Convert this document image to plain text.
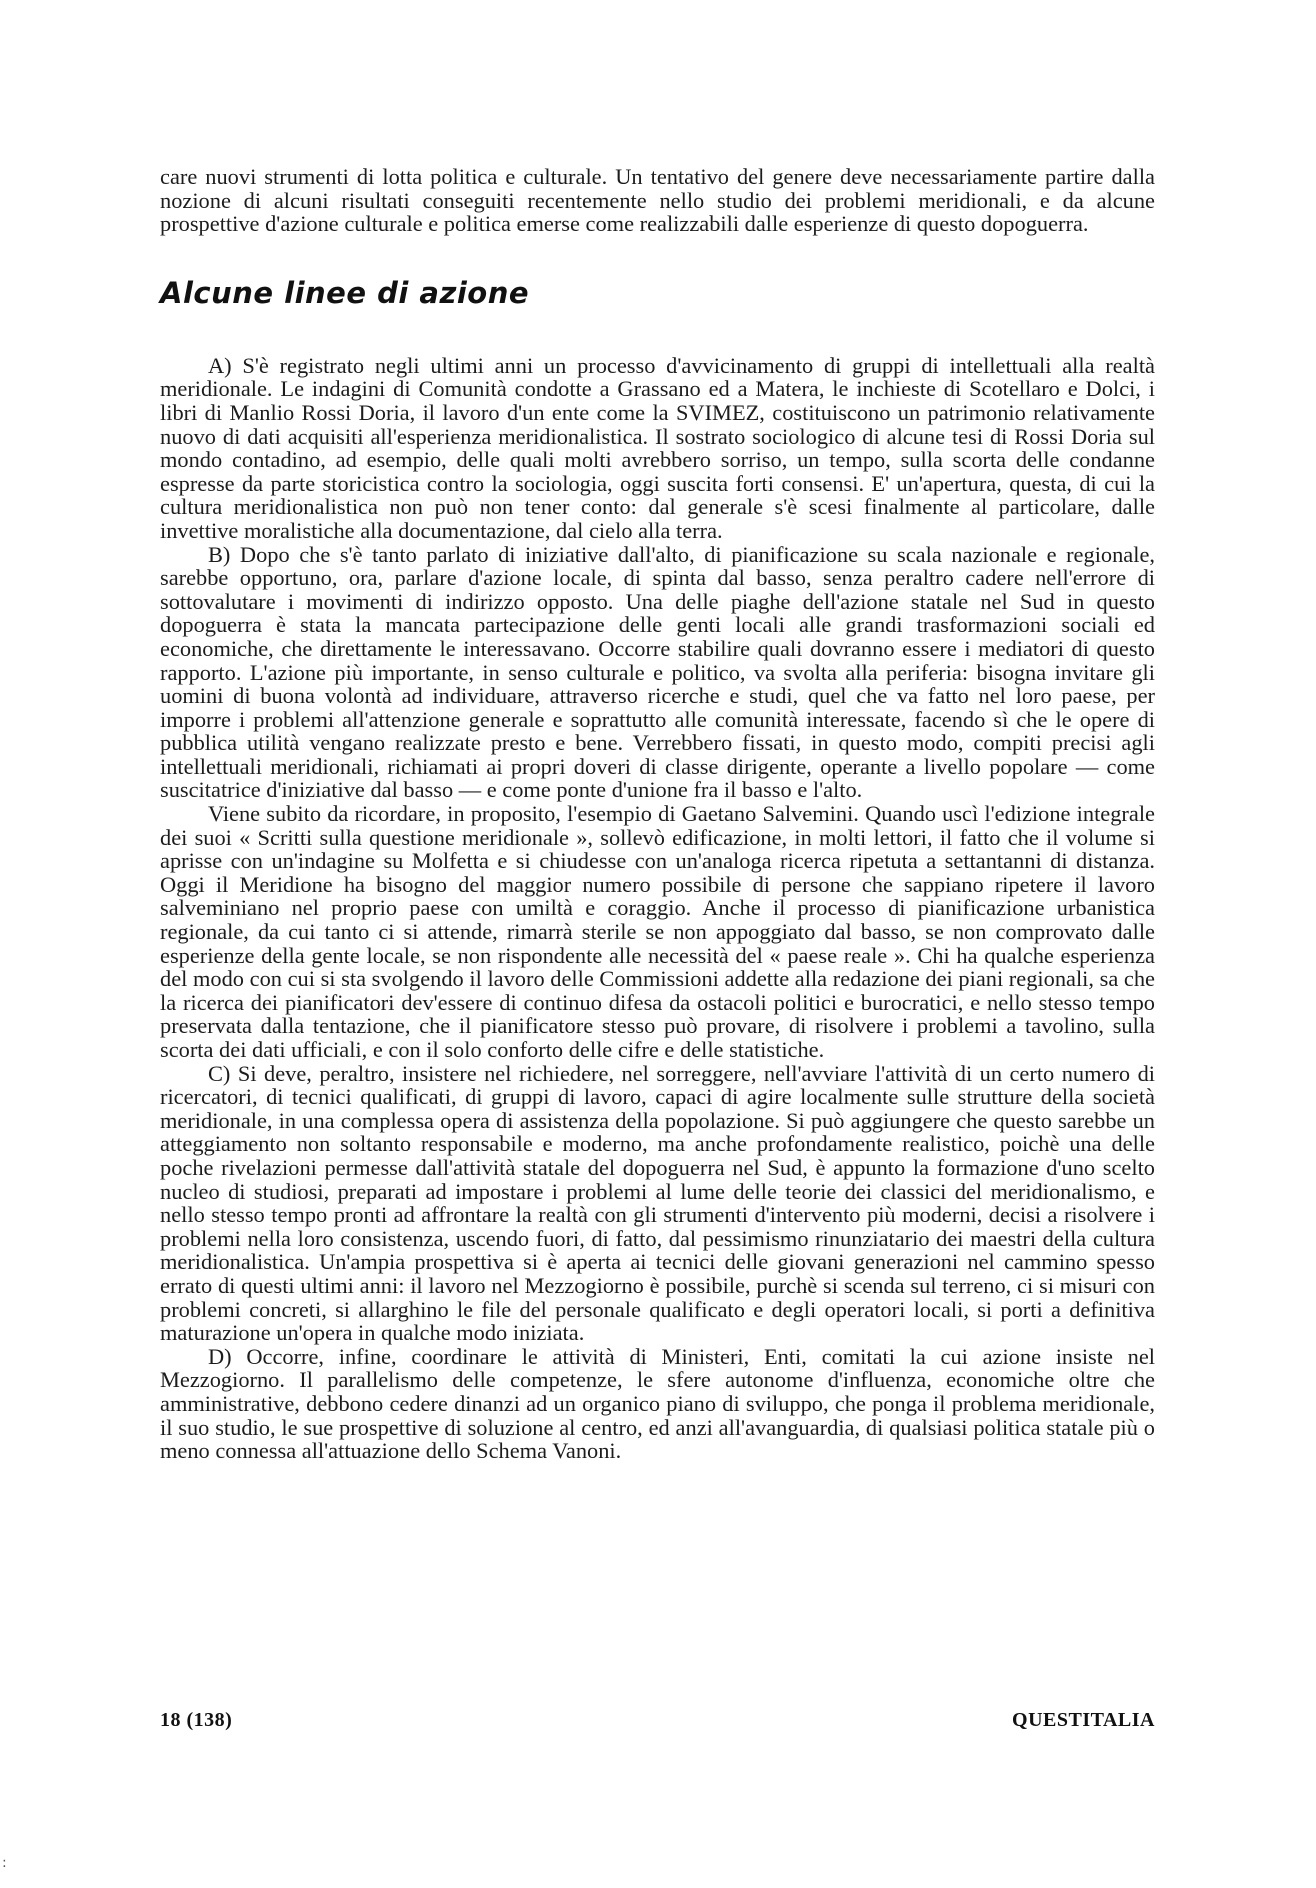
care nuovi strumenti di lotta politica e culturale. Un tentativo del genere deve necessariamente partire dalla nozione di alcuni risultati conseguiti recentemente nello studio dei problemi meridionali, e da alcune prospettive d'azione culturale e politica emerse come realizzabili dalle esperienze di questo dopoguerra.

Alcune linee di azione

A) S'è registrato negli ultimi anni un processo d'avvicinamento di gruppi di intellettuali alla realtà meridionale. Le indagini di Comunità condotte a Grassano ed a Matera, le inchieste di Scotellaro e Dolci, i libri di Manlio Rossi Doria, il lavoro d'un ente come la SVIMEZ, costituiscono un patrimonio relativamente nuovo di dati acquisiti all'esperienza meridionalistica. Il sostrato sociologico di alcune tesi di Rossi Doria sul mondo contadino, ad esempio, delle quali molti avrebbero sorriso, un tempo, sulla scorta delle condanne espresse da parte storicistica contro la sociologia, oggi suscita forti consensi. E' un'apertura, questa, di cui la cultura meridionalistica non può non tener conto: dal generale s'è scesi finalmente al particolare, dalle invettive moralistiche alla documentazione, dal cielo alla terra.

B) Dopo che s'è tanto parlato di iniziative dall'alto, di pianificazione su scala nazionale e regionale, sarebbe opportuno, ora, parlare d'azione locale, di spinta dal basso, senza peraltro cadere nell'errore di sottovalutare i movimenti di indirizzo opposto. Una delle piaghe dell'azione statale nel Sud in questo dopoguerra è stata la mancata partecipazione delle genti locali alle grandi trasformazioni sociali ed economiche, che direttamente le interessavano. Occorre stabilire quali dovranno essere i mediatori di questo rapporto. L'azione più importante, in senso culturale e politico, va svolta alla periferia: bisogna invitare gli uomini di buona volontà ad individuare, attraverso ricerche e studi, quel che va fatto nel loro paese, per imporre i problemi all'attenzione generale e soprattutto alle comunità interessate, facendo sì che le opere di pubblica utilità vengano realizzate presto e bene. Verrebbero fissati, in questo modo, compiti precisi agli intellettuali meridionali, richiamati ai propri doveri di classe dirigente, operante a livello popolare — come suscitatrice d'iniziative dal basso — e come ponte d'unione fra il basso e l'alto.

Viene subito da ricordare, in proposito, l'esempio di Gaetano Salvemini. Quando uscì l'edizione integrale dei suoi « Scritti sulla questione meridionale », sollevò edificazione, in molti lettori, il fatto che il volume si aprisse con un'indagine su Molfetta e si chiudesse con un'analoga ricerca ripetuta a settantanni di distanza. Oggi il Meridione ha bisogno del maggior numero possibile di persone che sappiano ripetere il lavoro salveminiano nel proprio paese con umiltà e coraggio. Anche il processo di pianificazione urbanistica regionale, da cui tanto ci si attende, rimarrà sterile se non appoggiato dal basso, se non comprovato dalle esperienze della gente locale, se non rispondente alle necessità del « paese reale ». Chi ha qualche esperienza del modo con cui si sta svolgendo il lavoro delle Commissioni addette alla redazione dei piani regionali, sa che la ricerca dei pianificatori dev'essere di continuo difesa da ostacoli politici e burocratici, e nello stesso tempo preservata dalla tentazione, che il pianificatore stesso può provare, di risolvere i problemi a tavolino, sulla scorta dei dati ufficiali, e con il solo conforto delle cifre e delle statistiche.

C) Si deve, peraltro, insistere nel richiedere, nel sorreggere, nell'avviare l'attività di un certo numero di ricercatori, di tecnici qualificati, di gruppi di lavoro, capaci di agire localmente sulle strutture della società meridionale, in una complessa opera di assistenza della popolazione. Si può aggiungere che questo sarebbe un atteggiamento non soltanto responsabile e moderno, ma anche profondamente realistico, poichè una delle poche rivelazioni permesse dall'attività statale del dopoguerra nel Sud, è appunto la formazione d'uno scelto nucleo di studiosi, preparati ad impostare i problemi al lume delle teorie dei classici del meridionalismo, e nello stesso tempo pronti ad affrontare la realtà con gli strumenti d'intervento più moderni, decisi a risolvere i problemi nella loro consistenza, uscendo fuori, di fatto, dal pessimismo rinunziatario dei maestri della cultura meridionalistica. Un'ampia prospettiva si è aperta ai tecnici delle giovani generazioni nel cammino spesso errato di questi ultimi anni: il lavoro nel Mezzogiorno è possibile, purchè si scenda sul terreno, ci si misuri con problemi concreti, si allarghino le file del personale qualificato e degli operatori locali, si porti a definitiva maturazione un'opera in qualche modo iniziata.

D) Occorre, infine, coordinare le attività di Ministeri, Enti, comitati la cui azione insiste nel Mezzogiorno. Il parallelismo delle competenze, le sfere autonome d'influenza, economiche oltre che amministrative, debbono cedere dinanzi ad un organico piano di sviluppo, che ponga il problema meridionale, il suo studio, le sue prospettive di soluzione al centro, ed anzi all'avanguardia, di qualsiasi politica statale più o meno connessa all'attuazione dello Schema Vanoni.

18 (138)	QUESTITALIA
:
